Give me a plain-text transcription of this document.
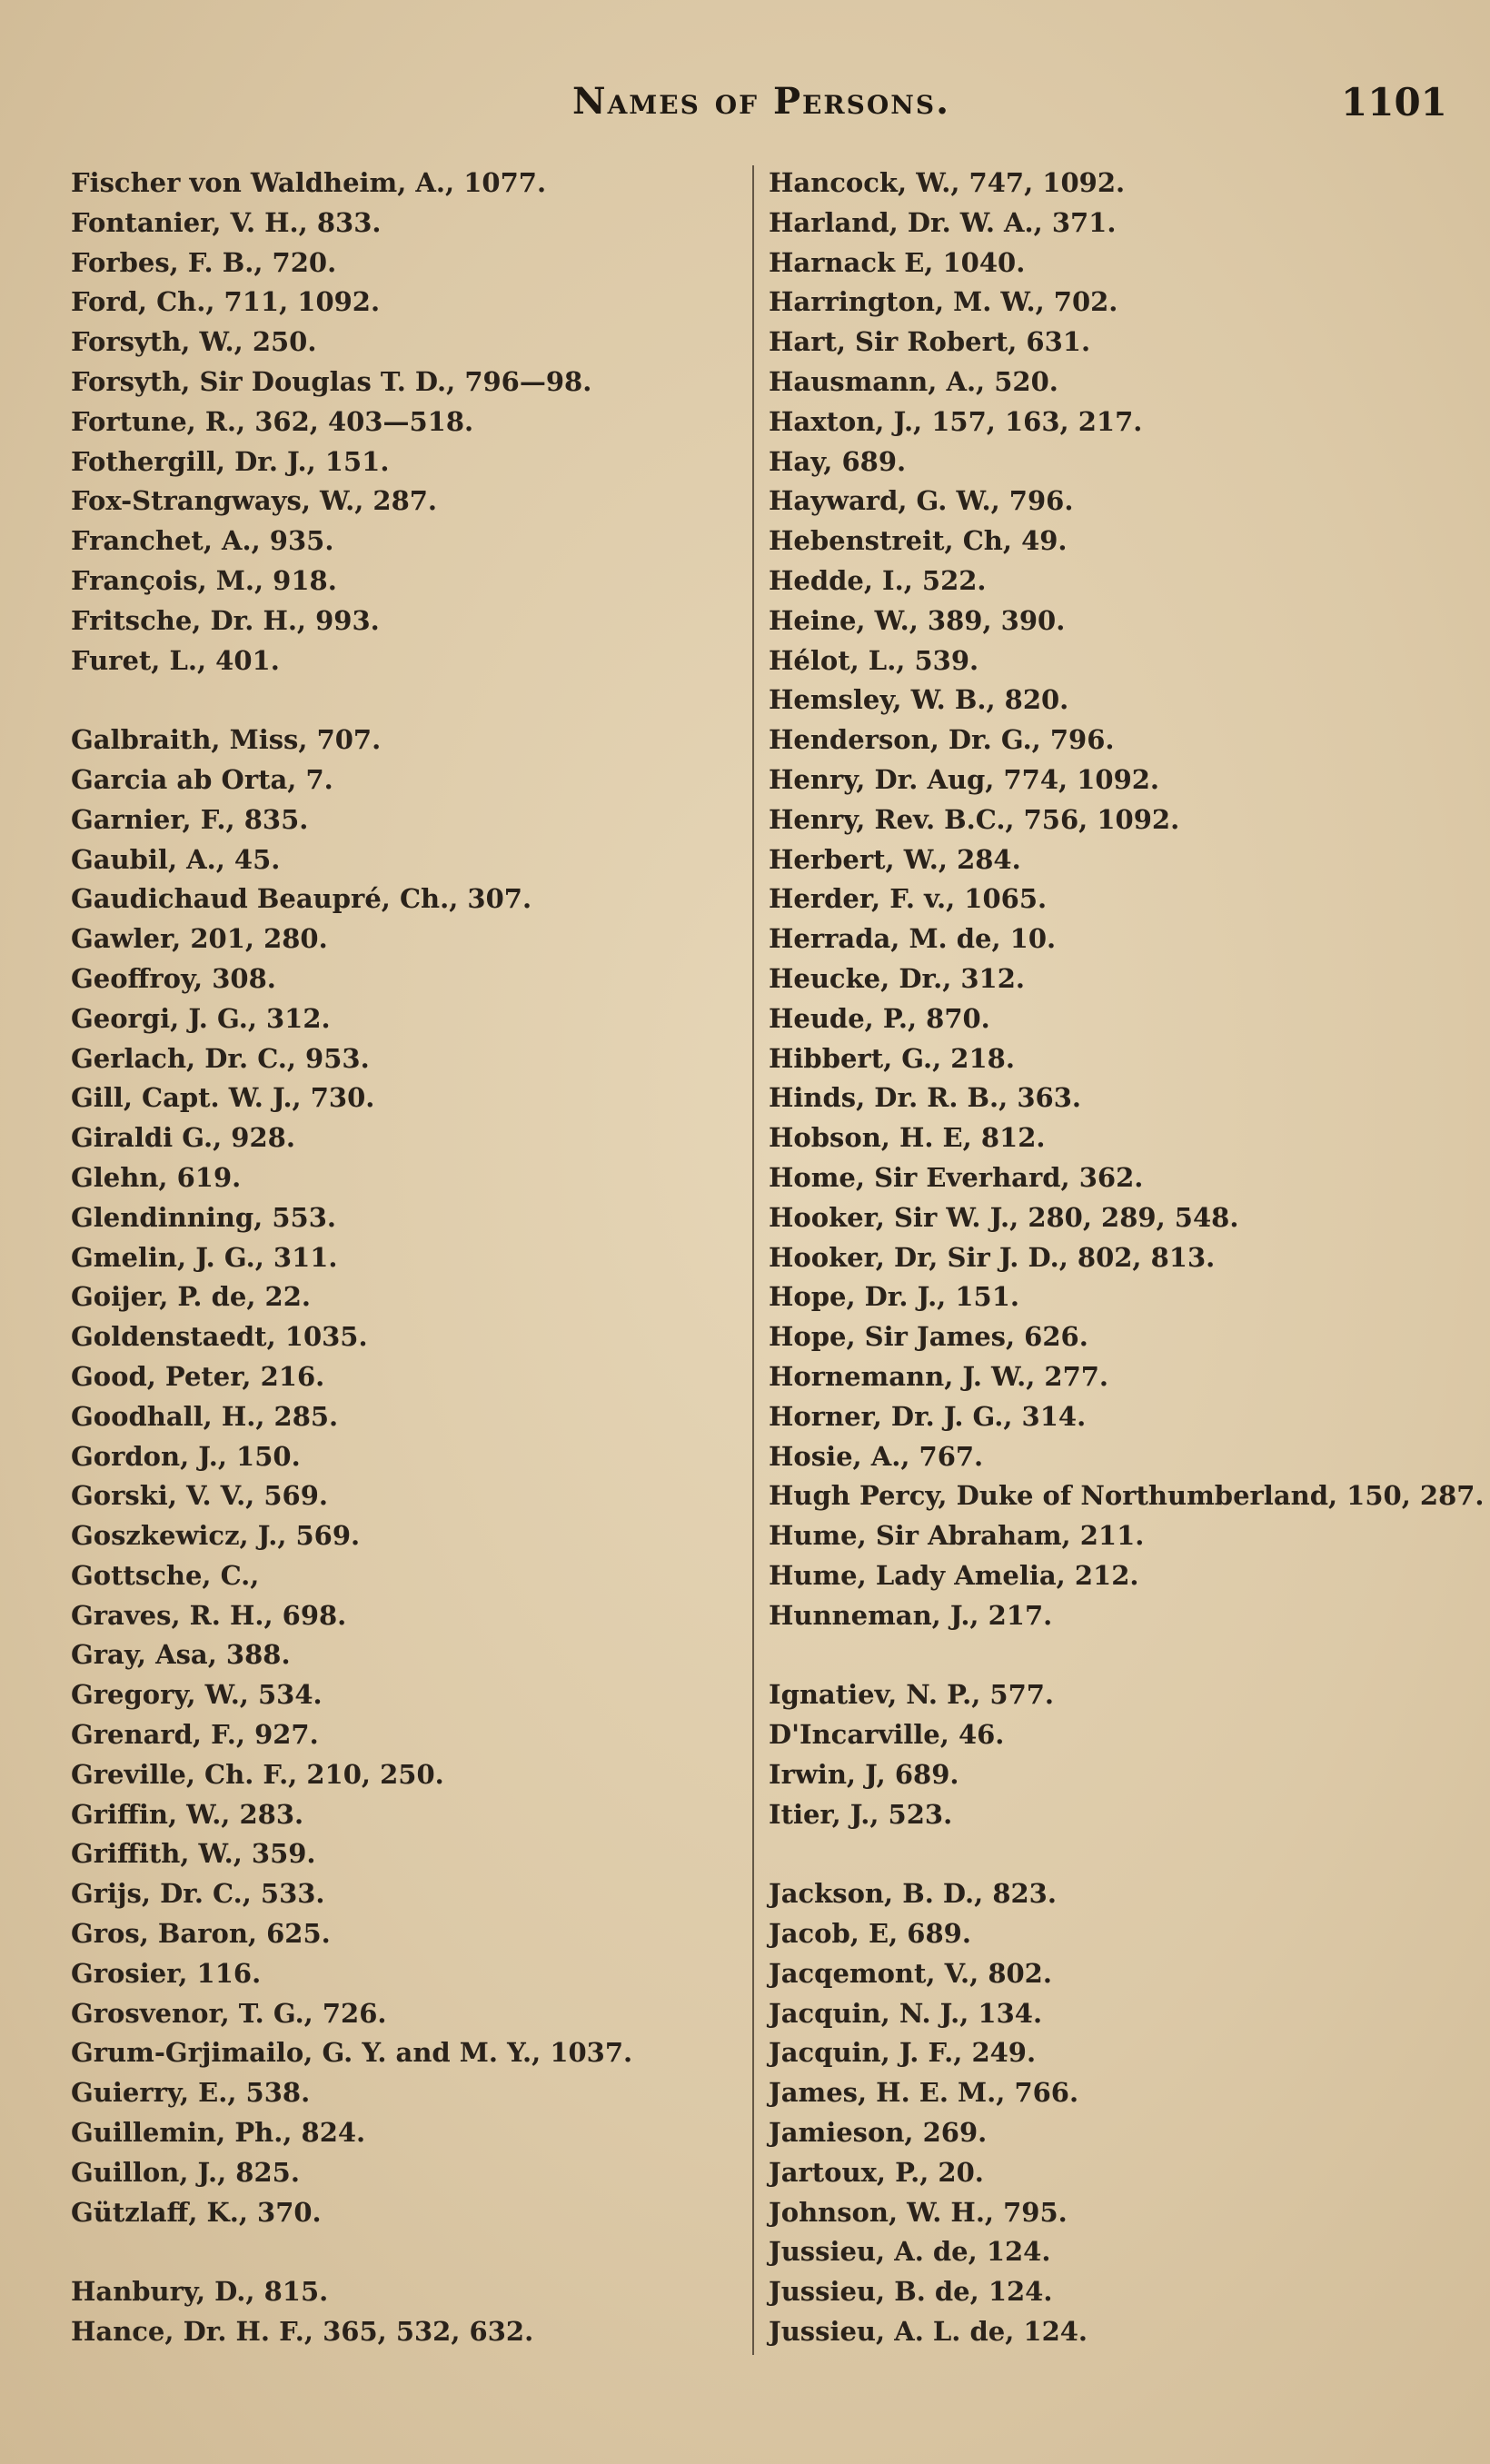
Names of Persons.	1101
Fischer von Waldheim, A., 1077.
Fontanier, V. H., 833.
Forbes, F. B., 720.
Ford, Ch., 711, 1092.
Forsyth, W., 250.
Forsyth, Sir Douglas T. D., 796—98.
Fortune, R., 362, 403—518.
Fothergill, Dr. J., 151.
Fox-Strangways, W., 287.
Franchet, A., 935.
François, M., 918.
Fritsche, Dr. H., 993.
Furet, L., 401.
Galbraith, Miss, 707.
Garcia ab Orta, 7.
Garnier, F., 835.
Gaubil, A., 45.
Gaudichaud Beaupré, Ch., 307.
Gawler, 201, 280.
Geoffroy, 308.
Georgi, J. G., 312.
Gerlach, Dr. C., 953.
Gill, Capt. W. J., 730.
Giraldi G., 928.
Glehn, 619.
Glendinning, 553.
Gmelin, J. G., 311.
Goijer, P. de, 22.
Goldenstaedt, 1035.
Good, Peter, 216.
Goodhall, H., 285.
Gordon, J., 150.
Gorski, V. V., 569.
Goszkewicz, J., 569.
Gottsche, C.,
Graves, R. H., 698.
Gray, Asa, 388.
Gregory, W., 534.
Grenard, F., 927.
Greville, Ch. F., 210, 250.
Griffin, W., 283.
Griffith, W., 359.
Grijs, Dr. C., 533.
Gros, Baron, 625.
Grosier, 116.
Grosvenor, T. G., 726.
Grum-Grjimailo, G. Y. and M. Y., 1037.
Guierry, E., 538.
Guillemin, Ph., 824.
Guillon, J., 825.
Gützlaff, K., 370.
Hanbury, D., 815.
Hance, Dr. H. F., 365, 532, 632.
Hancock, W., 747, 1092.
Harland, Dr. W. A., 371.
Harnack E, 1040.
Harrington, M. W., 702.
Hart, Sir Robert, 631.
Hausmann, A., 520.
Haxton, J., 157, 163, 217.
Hay, 689.
Hayward, G. W., 796.
Hebenstreit, Ch, 49.
Hedde, I., 522.
Heine, W., 389, 390.
Hélot, L., 539.
Hemsley, W. B., 820.
Henderson, Dr. G., 796.
Henry, Dr. Aug, 774, 1092.
Henry, Rev. B.C., 756, 1092.
Herbert, W., 284.
Herder, F. v., 1065.
Herrada, M. de, 10.
Heucke, Dr., 312.
Heude, P., 870.
Hibbert, G., 218.
Hinds, Dr. R. B., 363.
Hobson, H. E, 812.
Home, Sir Everhard, 362.
Hooker, Sir W. J., 280, 289, 548.
Hooker, Dr, Sir J. D., 802, 813.
Hope, Dr. J., 151.
Hope, Sir James, 626.
Hornemann, J. W., 277.
Horner, Dr. J. G., 314.
Hosie, A., 767.
Hugh Percy, Duke of Northumberland, 150, 287.
Hume, Sir Abraham, 211.
Hume, Lady Amelia, 212.
Hunneman, J., 217.
Ignatiev, N. P., 577.
D'Incarville, 46.
Irwin, J, 689.
Itier, J., 523.
Jackson, B. D., 823.
Jacob, E, 689.
Jacqemont, V., 802.
Jacquin, N. J., 134.
Jacquin, J. F., 249.
James, H. E. M., 766.
Jamieson, 269.
Jartoux, P., 20.
Johnson, W. H., 795.
Jussieu, A. de, 124.
Jussieu, B. de, 124.
Jussieu, A. L. de, 124.
